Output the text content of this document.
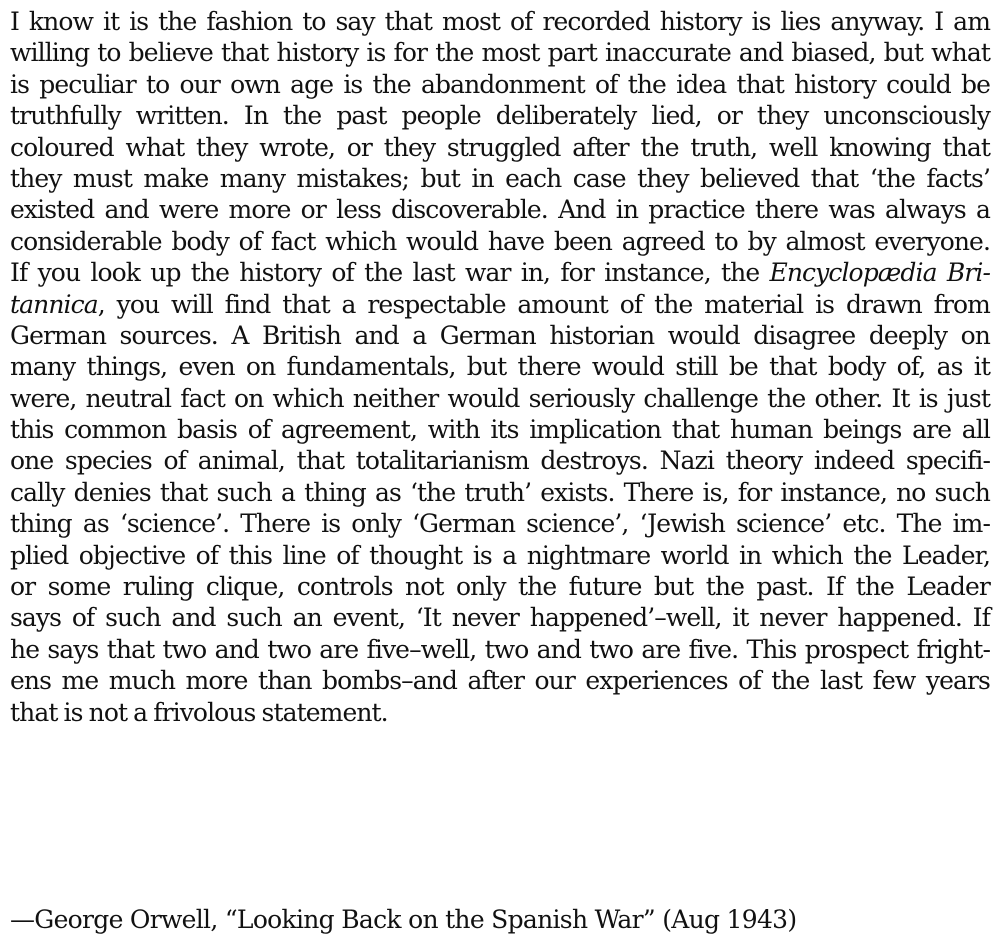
I know it is the fashion to say that most of recorded history is lies anyway. I am
willing to believe that history is for the most part inaccurate and biased, but what
is peculiar to our own age is the abandonment of the idea that history could be
truthfully written. In the past people deliberately lied, or they unconsciously
coloured what they wrote, or they struggled after the truth, well knowing that
they must make many mistakes; but in each case they believed that ‘the facts’
existed and were more or less discoverable. And in practice there was always a
considerable body of fact which would have been agreed to by almost everyone.
If you look up the history of the last war in, for instance, the Encyclopædia Bri-
tannica, you will find that a respectable amount of the material is drawn from
German sources. A British and a German historian would disagree deeply on
many things, even on fundamentals, but there would still be that body of, as it
were, neutral fact on which neither would seriously challenge the other. It is just
this common basis of agreement, with its implication that human beings are all
one species of animal, that totalitarianism destroys. Nazi theory indeed specifi-
cally denies that such a thing as ‘the truth’ exists. There is, for instance, no such
thing as ‘science’. There is only ‘German science’, ‘Jewish science’ etc. The im-
plied objective of this line of thought is a nightmare world in which the Leader,
or some ruling clique, controls not only the future but the past. If the Leader
says of such and such an event, ‘It never happened’–well, it never happened. If
he says that two and two are five–well, two and two are five. This prospect fright-
ens me much more than bombs–and after our experiences of the last few years
that is not a frivolous statement.

—George Orwell, “Looking Back on the Spanish War” (Aug 1943)
